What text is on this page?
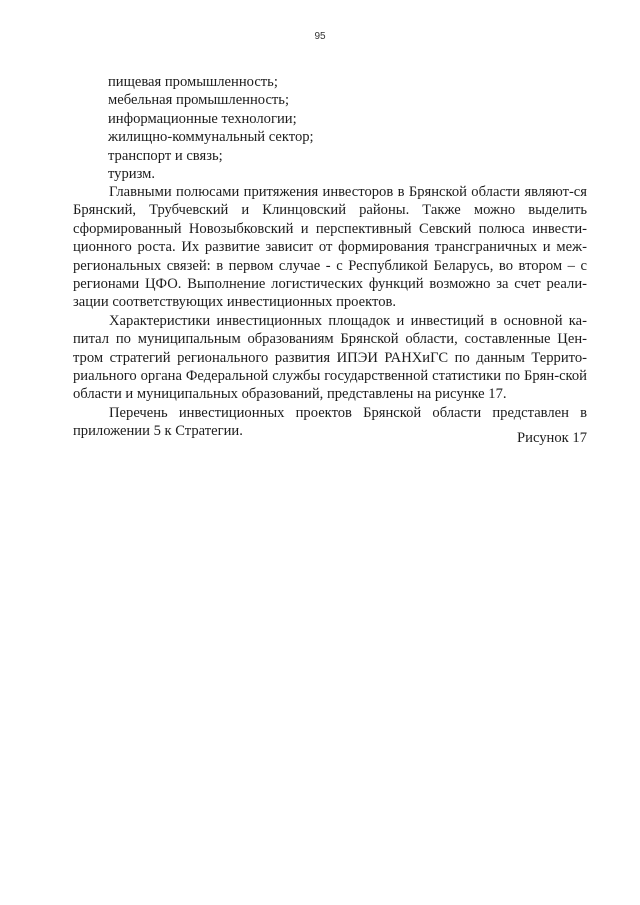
95
пищевая промышленность;
мебельная промышленность;
информационные технологии;
жилищно-коммунальный сектор;
транспорт и связь;
туризм.

Главными полюсами притяжения инвесторов в Брянской области являют-ся Брянский, Трубчевский и Клинцовский районы. Также можно выделить сформированный Новозыбковский и перспективный Севский полюса инвести-ционного роста. Их развитие зависит от формирования трансграничных и меж-региональных связей: в первом случае - с Республикой Беларусь, во втором – с регионами ЦФО. Выполнение логистических функций возможно за счет реали-зации соответствующих инвестиционных проектов.

Характеристики инвестиционных площадок и инвестиций в основной ка-питал по муниципальным образованиям Брянской области, составленные Цен-тром стратегий регионального развития ИПЭИ РАНХиГС по данным Террито-риального органа Федеральной службы государственной статистики по Брян-ской области и муниципальных образований, представлены на рисунке 17.

Перечень инвестиционных проектов Брянской области представлен в приложении 5 к Стратегии.	Рисунок 17
